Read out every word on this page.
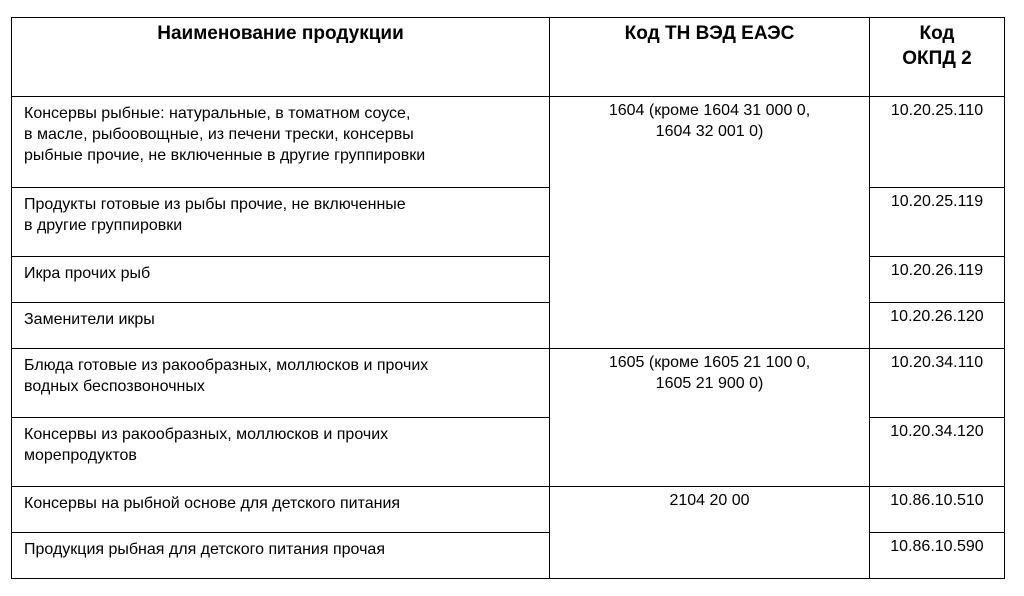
Наименование продукции	Код ТН ВЭД ЕАЭС	Код
ОКПД 2

Консервы рыбные: натуральные, в томатном соусе,
в масле, рыбоовощные, из печени трески, консервы
рыбные прочие, не включенные в другие группировки	1604 (кроме 1604 31 000 0,
1604 32 001 0)	10.20.25.110

Продукты готовые из рыбы прочие, не включенные
в другие группировки		10.20.25.119

Икра прочих рыб		10.20.26.119

Заменители икры		10.20.26.120

Блюда готовые из ракообразных, моллюсков и прочих
водных беспозвоночных	1605 (кроме 1605 21 100 0,
1605 21 900 0)	10.20.34.110

Консервы из ракообразных, моллюсков и прочих
морепродуктов		10.20.34.120

Консервы на рыбной основе для детского питания	2104 20 00	10.86.10.510

Продукция рыбная для детского питания прочая		10.86.10.590
